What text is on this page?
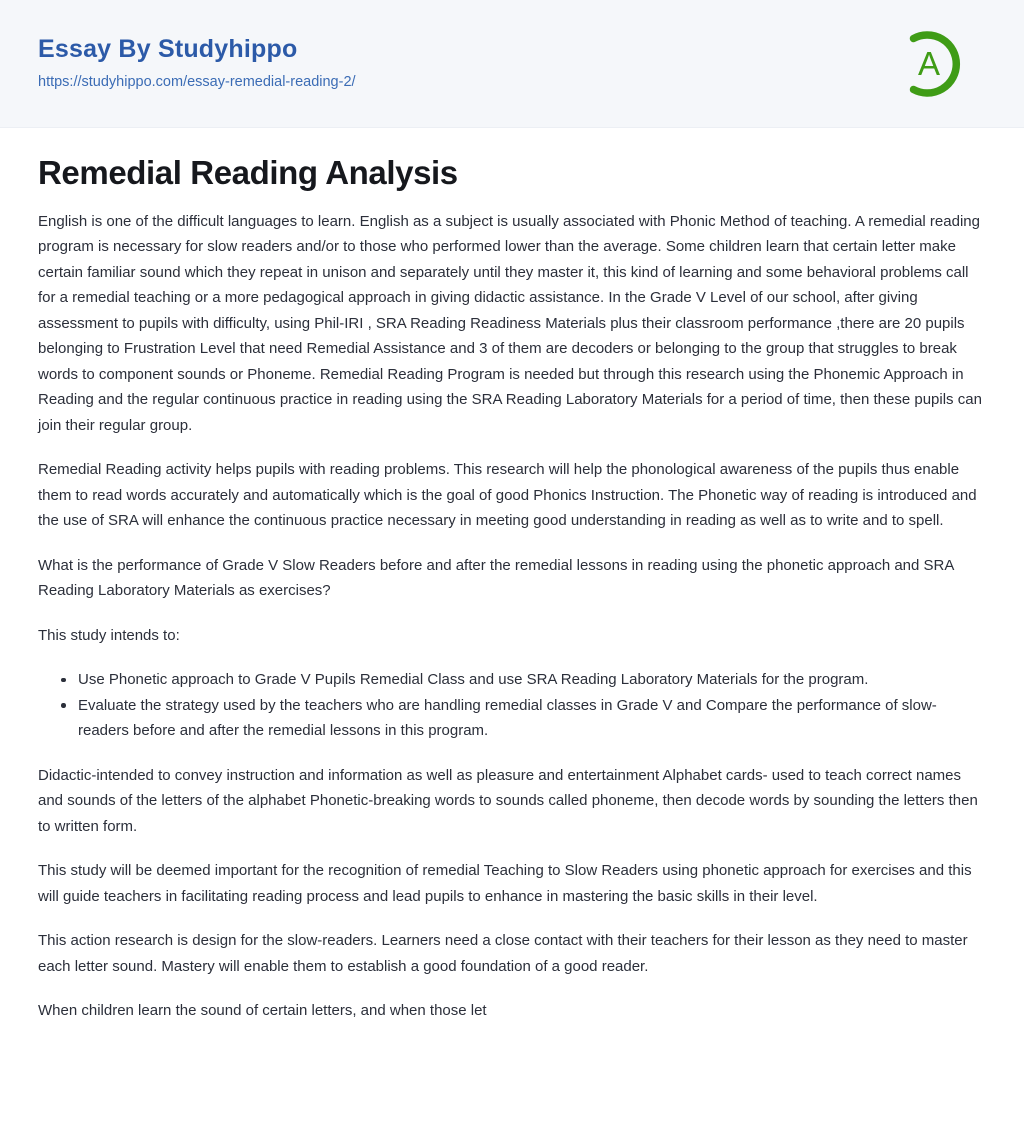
Essay By Studyhippo
https://studyhippo.com/essay-remedial-reading-2/
A
Remedial Reading Analysis

English is one of the difficult languages to learn. English as a subject is usually associated with Phonic Method of teaching. A remedial reading program is necessary for slow readers and/or to those who performed lower than the average. Some children learn that certain letter make certain familiar sound which they repeat in unison and separately until they master it, this kind of learning and some behavioral problems call for a remedial teaching or a more pedagogical approach in giving didactic assistance. In the Grade V Level of our school, after giving assessment to pupils with difficulty, using Phil-IRI , SRA Reading Readiness Materials plus their classroom performance ,there are 20 pupils belonging to Frustration Level that need Remedial Assistance and 3 of them are decoders or belonging to the group that struggles to break words to component sounds or Phoneme. Remedial Reading Program is needed but through this research using the Phonemic Approach in Reading and the regular continuous practice in reading using the SRA Reading Laboratory Materials for a period of time, then these pupils can join their regular group.

Remedial Reading activity helps pupils with reading problems. This research will help the phonological awareness of the pupils thus enable them to read words accurately and automatically which is the goal of good Phonics Instruction. The Phonetic way of reading is introduced and the use of SRA will enhance the continuous practice necessary in meeting good understanding in reading as well as to write and to spell.

What is the performance of Grade V Slow Readers before and after the remedial lessons in reading using the phonetic approach and SRA Reading Laboratory Materials as exercises?

This study intends to:

Use Phonetic approach to Grade V Pupils Remedial Class and use SRA Reading Laboratory Materials for the program.
Evaluate the strategy used by the teachers who are handling remedial classes in Grade V and Compare the performance of slow- readers before and after the remedial lessons in this program.

Didactic-intended to convey instruction and information as well as pleasure and entertainment Alphabet cards- used to teach correct names and sounds of the letters of the alphabet Phonetic-breaking words to sounds called phoneme, then decode words by sounding the letters then to written form.

This study will be deemed important for the recognition of remedial Teaching to Slow Readers using phonetic approach for exercises and this will guide teachers in facilitating reading process and lead pupils to enhance in mastering the basic skills in their level.

This action research is design for the slow-readers. Learners need a close contact with their teachers for their lesson as they need to master each letter sound. Mastery will enable them to establish a good foundation of a good reader.

When children learn the sound of certain letters, and when those let
